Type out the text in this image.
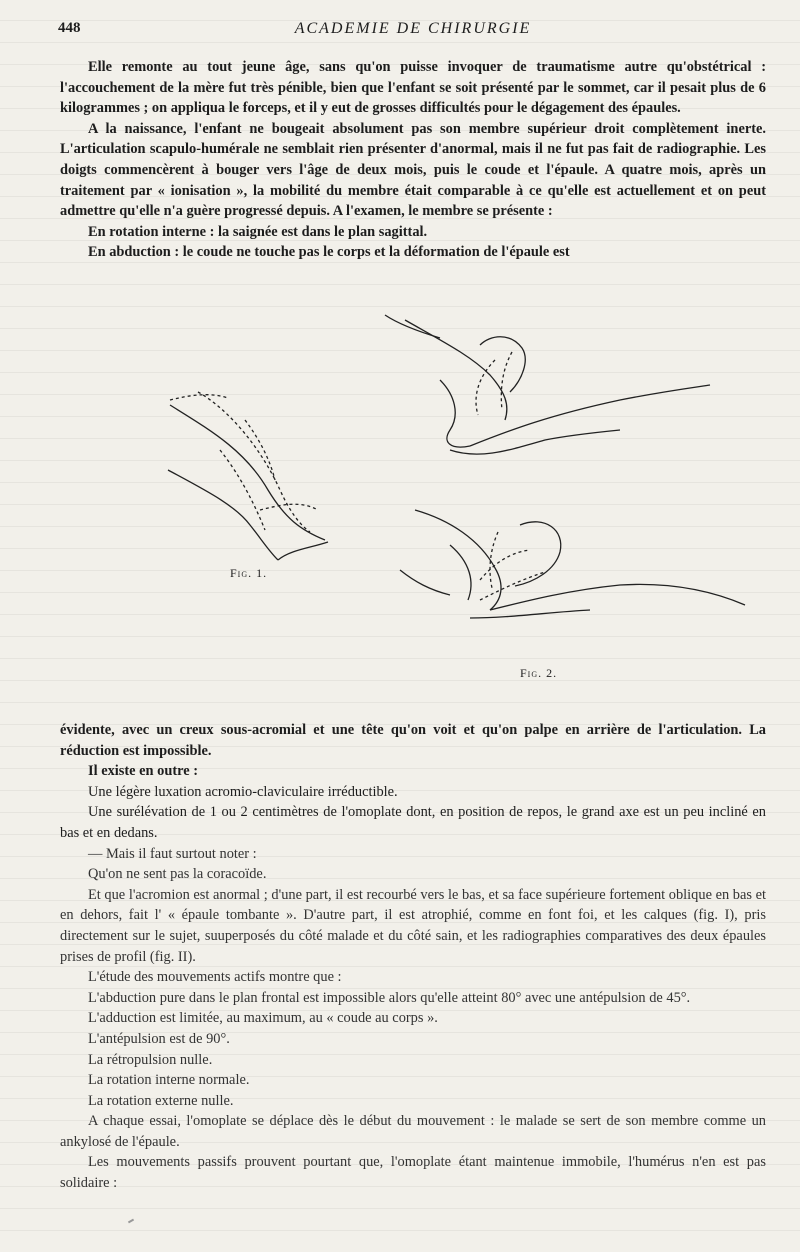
448	ACADEMIE DE CHIRURGIE

Elle remonte au tout jeune âge, sans qu'on puisse invoquer de traumatisme autre qu'obstétrical : l'accouchement de la mère fut très pénible, bien que l'enfant se soit présenté par le sommet, car il pesait plus de 6 kilogrammes ; on appliqua le forceps, et il y eut de grosses difficultés pour le dégagement des épaules.

A la naissance, l'enfant ne bougeait absolument pas son membre supérieur droit complètement inerte. L'articulation scapulo-humérale ne semblait rien présenter d'anormal, mais il ne fut pas fait de radiographie. Les doigts commencèrent à bouger vers l'âge de deux mois, puis le coude et l'épaule. A quatre mois, après un traitement par « ionisation », la mobilité du membre était comparable à ce qu'elle est actuellement et on peut admettre qu'elle n'a guère progressé depuis. A l'examen, le membre se présente :

En rotation interne : la saignée est dans le plan sagittal.

En abduction : le coude ne touche pas le corps et la déformation de l'épaule est

Fig. 1.
Fig. 2.

évidente, avec un creux sous-acromial et une tête qu'on voit et qu'on palpe en arrière de l'articulation. La réduction est impossible.

Il existe en outre :

Une légère luxation acromio-claviculaire irréductible.

Une surélévation de 1 ou 2 centimètres de l'omoplate dont, en position de repos, le grand axe est un peu incliné en bas et en dedans.

— Mais il faut surtout noter :

Qu'on ne sent pas la coracoïde.

Et que l'acromion est anormal ; d'une part, il est recourbé vers le bas, et sa face supérieure fortement oblique en bas et en dehors, fait l' « épaule tombante ». D'autre part, il est atrophié, comme en font foi, et les calques (fig. I), pris directement sur le sujet, suuperposés du côté malade et du côté sain, et les radiographies comparatives des deux épaules prises de profil (fig. II).

L'étude des mouvements actifs montre que :

L'abduction pure dans le plan frontal est impossible alors qu'elle atteint 80° avec une antépulsion de 45°.

L'adduction est limitée, au maximum, au « coude au corps ».

L'antépulsion est de 90°.

La rétropulsion nulle.

La rotation interne normale.

La rotation externe nulle.

A chaque essai, l'omoplate se déplace dès le début du mouvement : le malade se sert de son membre comme un ankylosé de l'épaule.

Les mouvements passifs prouvent pourtant que, l'omoplate étant maintenue immobile, l'humérus n'en est pas solidaire :
